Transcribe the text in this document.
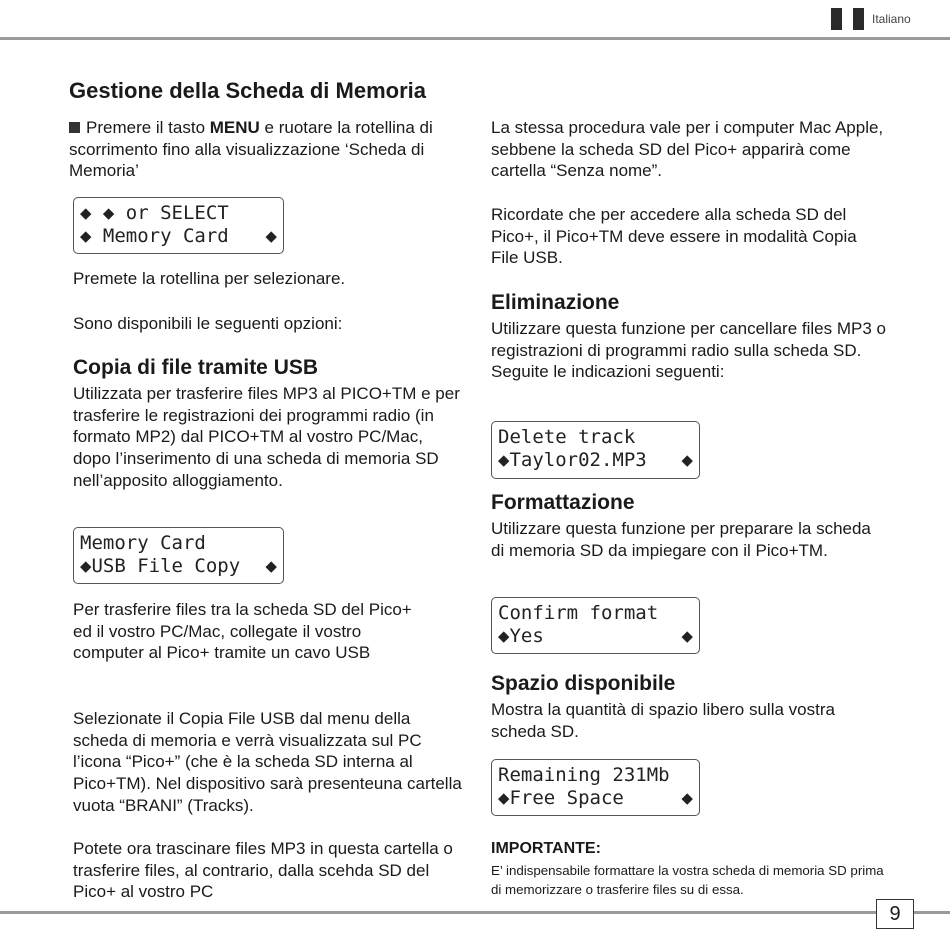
Italiano
Gestione della Scheda di Memoria
Premere il tasto MENU e ruotare la rotellina di scorrimento fino alla visualizzazione ‘Scheda di Memoria’
◆ ◆ or SELECT
◆ Memory Card ◆

Premete la rotellina per selezionare.

Sono disponibili le seguenti opzioni:

Copia di file tramite USB

Utilizzata per trasferire files MP3 al PICO+TM e per trasferire le registrazioni dei programmi radio (in formato MP2) dal PICO+TM al vostro PC/Mac, dopo l’inserimento di una scheda di memoria SD nell’apposito alloggiamento.

Memory Card
◆USB File Copy ◆

Per trasferire files tra la scheda SD del Pico+ ed il vostro PC/Mac, collegate il vostro computer al Pico+ tramite un cavo USB

Selezionate il Copia File USB dal menu della scheda di memoria e verrà visualizzata sul PC l’icona “Pico+” (che è la scheda SD interna al Pico+TM). Nel dispositivo sarà presenteuna cartella vuota “BRANI” (Tracks).

Potete ora trascinare files MP3 in questa cartella o trasferire files, al contrario, dalla scehda SD del Pico+ al vostro PC

La stessa procedura vale per i computer Mac Apple, sebbene la scheda SD del Pico+ apparirà come cartella “Senza nome”.

Ricordate che per accedere alla scheda SD del Pico+, il Pico+TM deve essere in modalità Copia File USB.

Eliminazione

Utilizzare questa funzione per cancellare files MP3 o registrazioni di programmi radio sulla scheda SD. Seguite le indicazioni seguenti:

Delete track
◆Taylor02.MP3 ◆
Formattazione

Utilizzare questa funzione per preparare la scheda di memoria SD da impiegare con il Pico+TM.

Confirm format
◆Yes	◆
Spazio disponibile

Mostra la quantità di spazio libero sulla vostra scheda SD.

Remaining 231Mb
◆Free Space	◆
IMPORTANTE:
E’ indispensabile formattare la vostra scheda di memoria SD prima di memorizzare o trasferire files su di essa.
9
